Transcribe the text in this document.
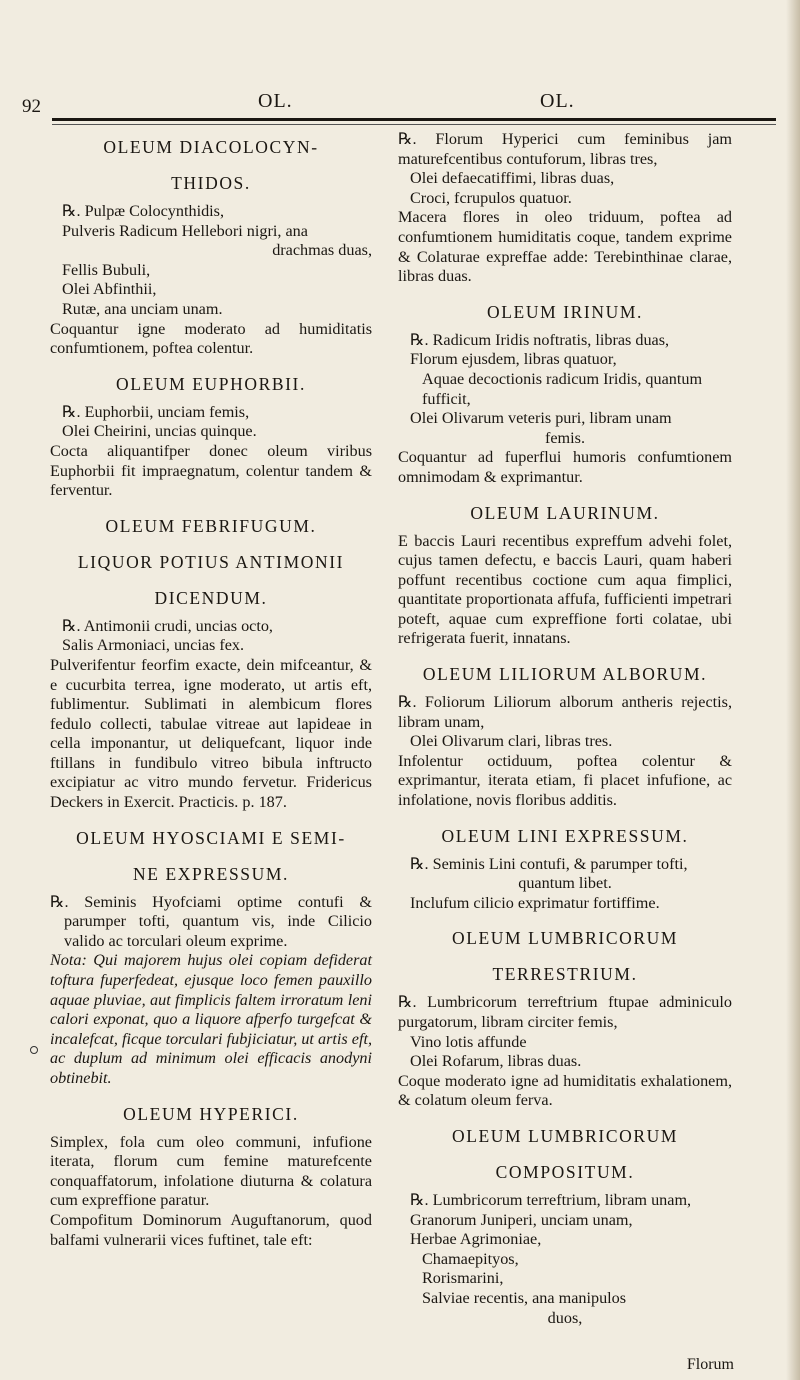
92	OL.	OL.
OLEUM DIACOLOCYN-
THIDOS.
℞. Pulpæ Colocynthidis,
Pulveris Radicum Hellebori nigri, ana
drachmas duas,
Fellis Bubuli,
Olei Abfinthii,
Rutæ, ana unciam unam.
Coquantur igne moderato ad humiditatis confumtionem, poftea colentur.
OLEUM EUPHORBII.
℞. Euphorbii, unciam femis,
Olei Cheirini, uncias quinque.
Cocta aliquantifper donec oleum viribus Euphorbii fit impraegnatum, colentur tandem & ferventur.
OLEUM FEBRIFUGUM.
LIQUOR POTIUS ANTIMONII
DICENDUM.
℞. Antimonii crudi, uncias octo,
Salis Armoniaci, uncias fex.
Pulverifentur feorfim exacte, dein mifceantur, & e cucurbita terrea, igne moderato, ut artis eft, fublimentur. Sublimati in alembicum flores fedulo collecti, tabulae vitreae aut lapideae in cella imponantur, ut deliquefcant, liquor inde ftillans in fundibulo vitreo bibula inftructo excipiatur ac vitro mundo fervetur. Fridericus Deckers in Exercit. Practicis. p. 187.
OLEUM HYOSCIAMI E SEMI-
NE EXPRESSUM.
℞. Seminis Hyofciami optime contufi & parumper tofti, quantum vis, inde Cilicio valido ac torculari oleum exprime.
Nota: Qui majorem hujus olei copiam defiderat toftura fuperfedeat, ejusque loco femen pauxillo aquae pluviae, aut fimplicis faltem irroratum leni calori exponat, quo a liquore afperfo turgefcat & incalefcat, ficque torculari fubjiciatur, ut artis eft, ac duplum ad minimum olei efficacis anodyni obtinebit.
OLEUM HYPERICI.
Simplex, fola cum oleo communi, infufione iterata, florum cum femine maturefcente conquaffatorum, infolatione diuturna & colatura cum expreffione paratur.
Compofitum Dominorum Auguftanorum, quod balfami vulnerarii vices fuftinet, tale eft:
℞. Florum Hyperici cum feminibus jam maturefcentibus contuforum, libras tres,
Olei defaecatiffimi, libras duas,
Croci, fcrupulos quatuor.
Macera flores in oleo triduum, poftea ad confumtionem humiditatis coque, tandem exprime & Colaturae expreffae adde: Terebinthinae clarae, libras duas.
OLEUM IRINUM.
℞. Radicum Iridis noftratis, libras duas,
Florum ejusdem, libras quatuor,
Aquae decoctionis radicum Iridis, quantum fufficit,
Olei Olivarum veteris puri, libram unam
femis.
Coquantur ad fuperflui humoris confumtionem omnimodam & exprimantur.
OLEUM LAURINUM.
E baccis Lauri recentibus expreffum advehi folet, cujus tamen defectu, e baccis Lauri, quam haberi poffunt recentibus coctione cum aqua fimplici, quantitate proportionata affufa, fufficienti impetrari poteft, aquae cum expreffione forti colatae, ubi refrigerata fuerit, innatans.
OLEUM LILIORUM ALBORUM.
℞. Foliorum Liliorum alborum antheris rejectis, libram unam,
Olei Olivarum clari, libras tres.
Infolentur octiduum, poftea colentur & exprimantur, iterata etiam, fi placet infufione, ac infolatione, novis floribus additis.
OLEUM LINI EXPRESSUM.
℞. Seminis Lini contufi, & parumper tofti,
quantum libet.
Inclufum cilicio exprimatur fortiffime.
OLEUM LUMBRICORUM
TERRESTRIUM.
℞. Lumbricorum terreftrium ftupae adminiculo purgatorum, libram circiter femis,
Vino lotis affunde
Olei Rofarum, libras duas.
Coque moderato igne ad humiditatis exhalationem, & colatum oleum ferva.
OLEUM LUMBRICORUM
COMPOSITUM.
℞. Lumbricorum terreftrium, libram unam,
Granorum Juniperi, unciam unam,
Herbae Agrimoniae,
Chamaepityos,
Rorismarini,
Salviae recentis, ana manipulos
duos,
Florum
